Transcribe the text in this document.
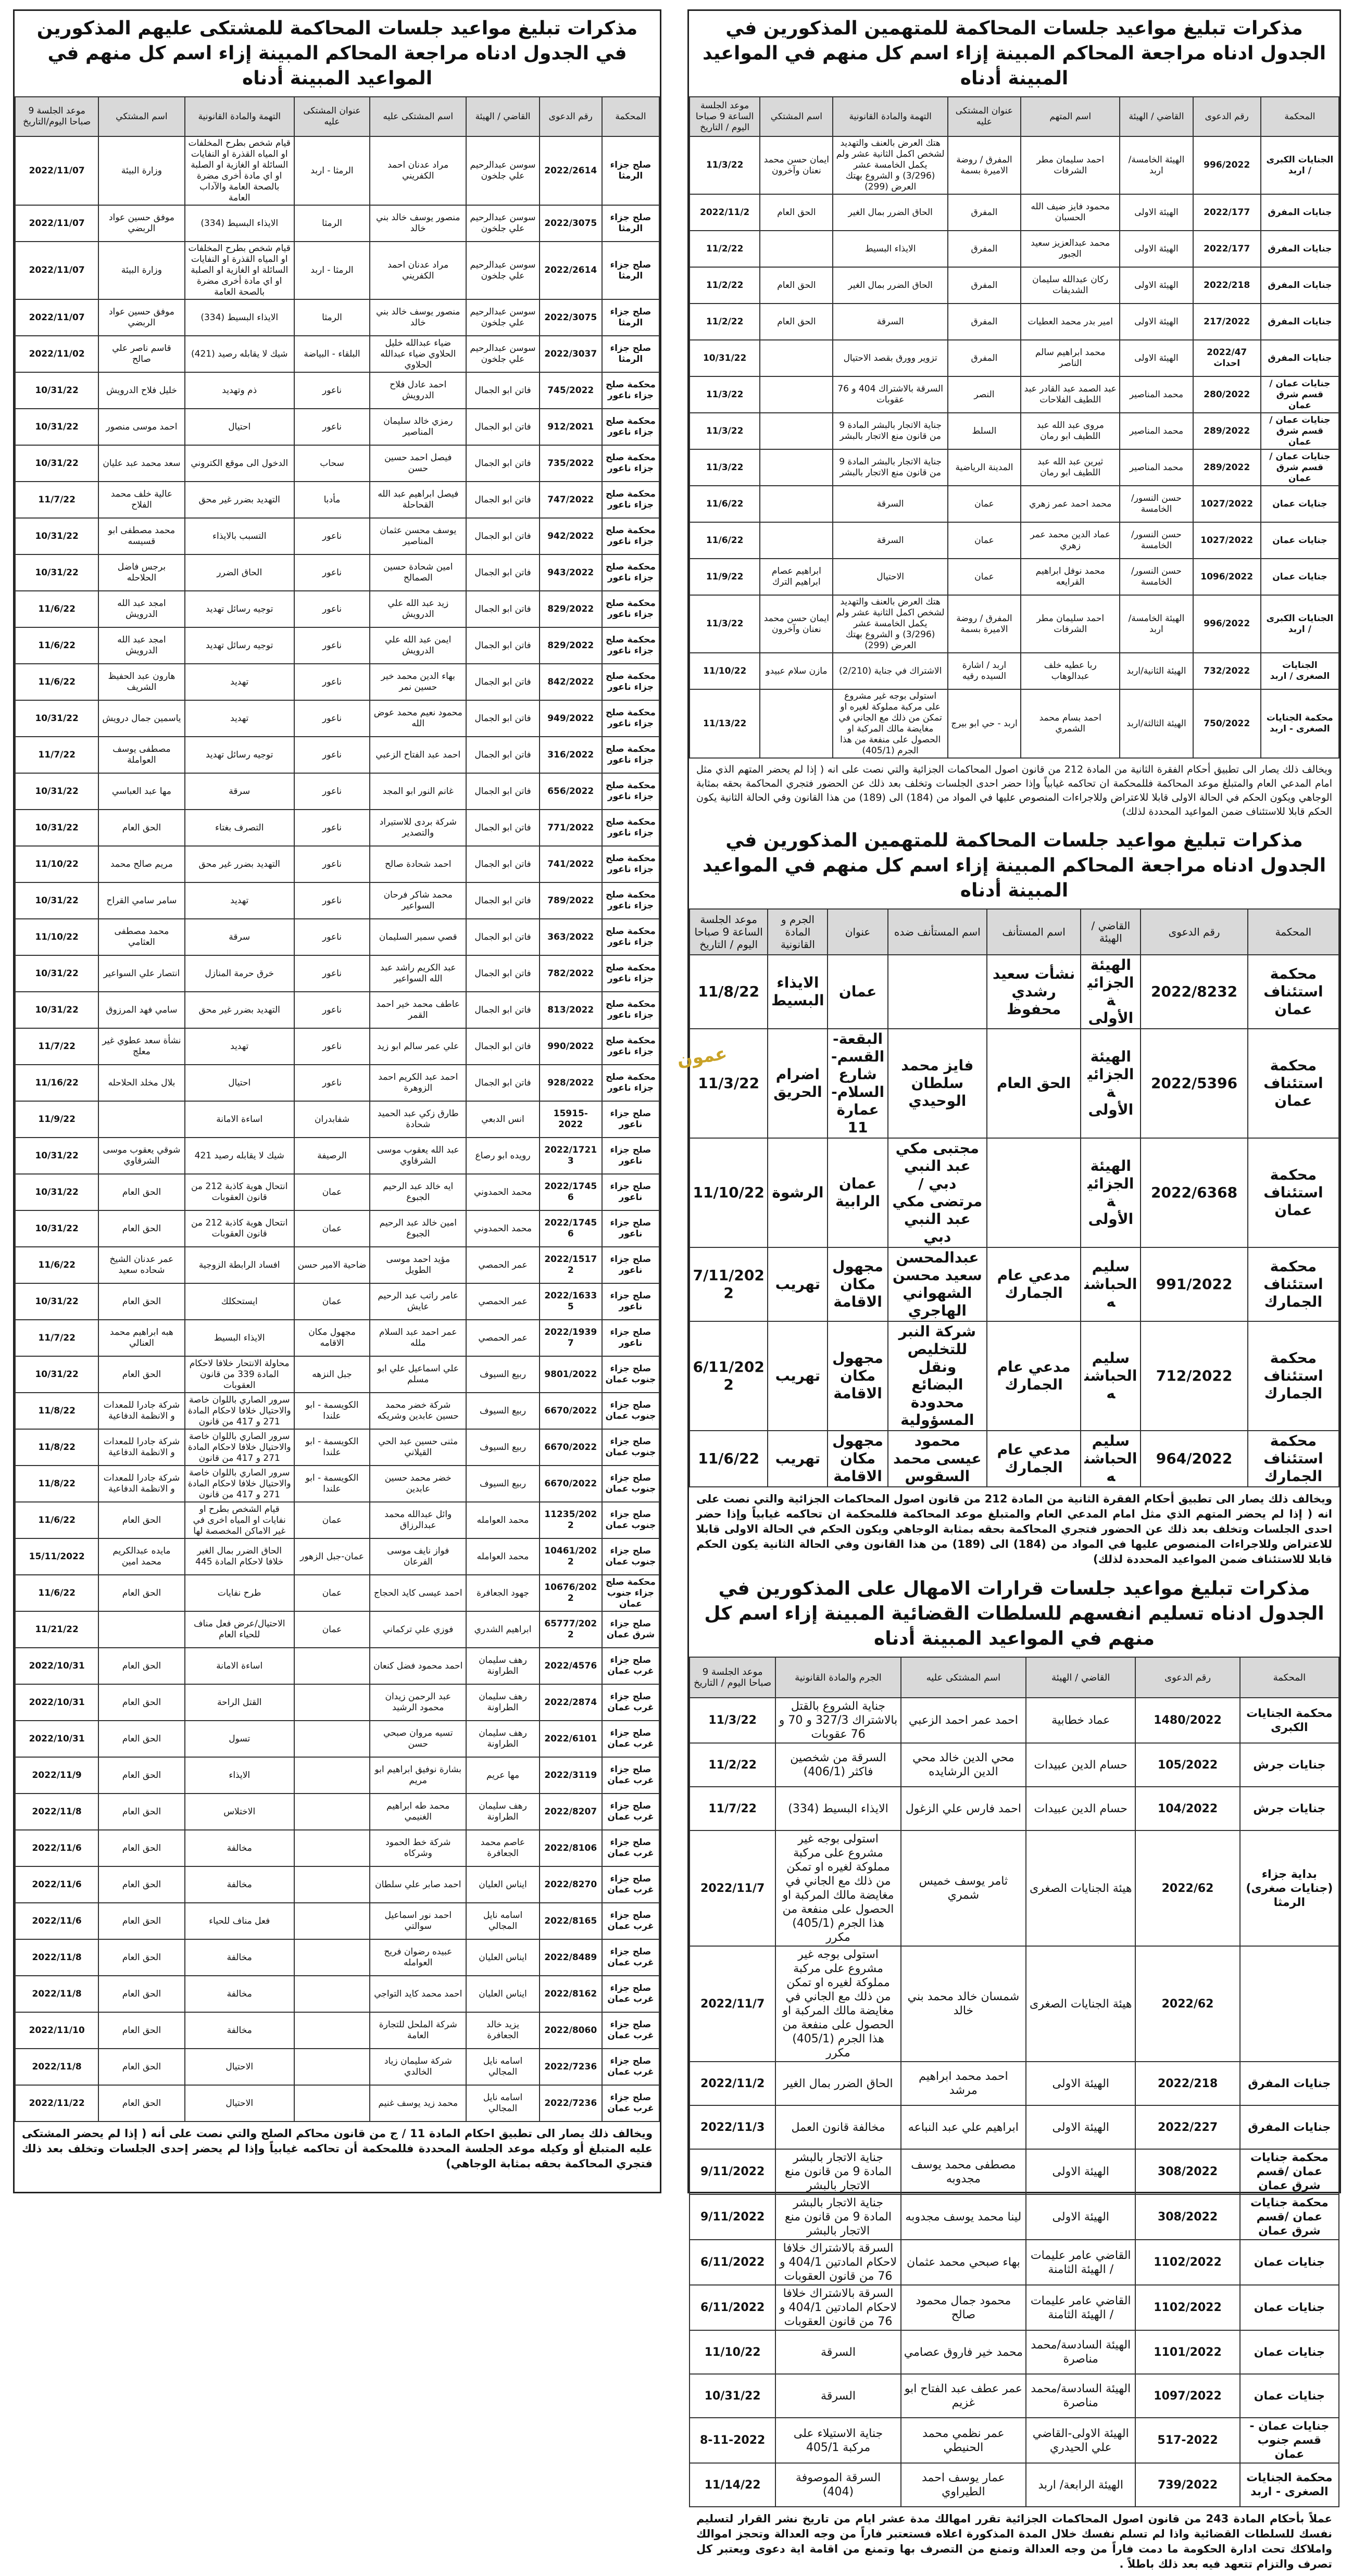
مذكرات تبليغ مواعيد جلسات المحاكمة للمشتكى عليهم المذكورين في الجدول ادناه مراجعة المحاكم المبينة إزاء اسم كل منهم في المواعيد المبينة أدناه
المحكمة	رقم الدعوى	القاضي / الهيئة	اسم المشتكى عليه	عنوان المشتكى عليه	التهمة والمادة القانونية	اسم المشتكي	موعد الجلسة 9 صباحا اليوم/التاريخ
صلح جزاء الرمثا	2022/2614	سوسن عبدالرحيم علي جلخون	مراد عدنان احمد الكفريني	الرمثا - اربد	قيام شخص بطرح المخلفات او المياه القذرة او النفايات السائلة او الغازية او الصلبة او اي مادة أخرى مضرة بالصحة العامة والآداب العامة	وزارة البيئة	2022/11/07
صلح جزاء الرمثا	2022/3075	سوسن عبدالرحيم علي جلخون	منصور يوسف خالد بني خالد	الرمثا	الايذاء البسيط (334)	موفق حسين عواد الربضي	2022/11/07
صلح جزاء الرمثا	2022/2614	سوسن عبدالرحيم علي جلخون	مراد عدنان احمد الكفريني	الرمثا - اربد	قيام شخص بطرح المخلفات او المياه القذرة او النفايات السائلة او الغازية او الصلبة او اي مادة أخرى مضرة بالصحة العامة	وزارة البيئة	2022/11/07
صلح جزاء الرمثا	2022/3075	سوسن عبدالرحيم علي جلخون	منصور يوسف خالد بني خالد	الرمثا	الايذاء البسيط (334)	موفق حسين عواد الربضي	2022/11/07
صلح جزاء الرمثا	2022/3037	سوسن عبدالرحيم علي جلخون	ضياء عبدالله خليل الحلاوي ضياء عبدالله الحلاوي	البلقاء - البياضة	شيك لا يقابله رصيد (421)	قاسم ناصر علي صالح	2022/11/02
محكمة صلح جزاء ناعور	745/2022	فاتن ابو الجمال	احمد عادل فلاح الدرويش	ناعور	ذم وتهديد	خليل فلاح الدرويش	10/31/22
محكمة صلح جزاء ناعور	912/2021	فاتن ابو الجمال	رمزي خالد سليمان المناصير	ناعور	احتيال	احمد موسى منصور	10/31/22
محكمة صلح جزاء ناعور	735/2022	فاتن ابو الجمال	فيصل احمد حسين حسن	سحاب	الدخول الى موقع الكتروني	سعد محمد عبد عليان	10/31/22
محكمة صلح جزاء ناعور	747/2022	فاتن ابو الجمال	فيصل ابراهيم عبد الله القحاحلة	مأدبا	التهديد بضرر غير محق	عالية خلف محمد الفلاح	11/7/22
محكمة صلح جزاء ناعور	942/2022	فاتن ابو الجمال	يوسف محسن عثمان المناصير	ناعور	التسبب بالايذاء	محمد مصطفى ابو قسيسه	10/31/22
محكمة صلح جزاء ناعور	943/2022	فاتن ابو الجمال	امين شحادة حسين الصمالح	ناعور	الحاق الضرر	برجس فاضل الحلاحله	10/31/22
محكمة صلح جزاء ناعور	829/2022	فاتن ابو الجمال	زيد عبد الله علي الدرويش	ناعور	توجيه رسائل تهديد	امجد عبد الله الدرويش	11/6/22
محكمة صلح جزاء ناعور	829/2022	فاتن ابو الجمال	ايمن عبد الله علي الدرويش	ناعور	توجيه رسائل تهديد	امجد عبد الله الدرويش	11/6/22
محكمة صلح جزاء ناعور	842/2022	فاتن ابو الجمال	بهاء الدين محمد خير حسين نمر	ناعور	تهديد	هارون عبد الحفيظ الشريف	11/6/22
محكمة صلح جزاء ناعور	949/2022	فاتن ابو الجمال	محمود نعيم محمد عوض الله	ناعور	تهديد	ياسمين جمال درويش	10/31/22
محكمة صلح جزاء ناعور	316/2022	فاتن ابو الجمال	احمد عبد الفتاح الزعبي	ناعور	توجيه رسائل تهديد	مصطفى يوسف العواملة	11/7/22
محكمة صلح جزاء ناعور	656/2022	فاتن ابو الجمال	غانم النور ابو المجد	ناعور	سرقة	مها عبد العباسي	10/31/22
محكمة صلح جزاء ناعور	771/2022	فاتن ابو الجمال	شركة بردى للاستيراد والتصدير	ناعور	التصرف بغتاء	الحق العام	10/31/22
محكمة صلح جزاء ناعور	741/2022	فاتن ابو الجمال	احمد شحادة صالح	ناعور	التهديد بضرر غير محق	مريم صالح محمد	11/10/22
محكمة صلح جزاء ناعور	789/2022	فاتن ابو الجمال	محمد شاكر فرحان السواعير	ناعور	تهديد	سامر سامي القراح	10/31/22
محكمة صلح جزاء ناعور	363/2022	فاتن ابو الجمال	قصي سمير السليمان	ناعور	سرقة	محمد مصطفى العثامي	11/10/22
محكمة صلح جزاء ناعور	782/2022	فاتن ابو الجمال	عبد الكريم راشد عبد الله السواعير	ناعور	خرق حرمة المنازل	انتصار علي السواعير	10/31/22
محكمة صلح جزاء ناعور	813/2022	فاتن ابو الجمال	عاطف محمد خير احمد القمر	ناعور	التهديد بضرر غير محق	سامي فهد المرزوق	10/31/22
محكمة صلح جزاء ناعور	990/2022	فاتن ابو الجمال	علي عمر سالم ابو زيد	ناعور	تهديد	نشأة سعد عطوي غير معلج	11/7/22
محكمة صلح جزاء ناعور	928/2022	فاتن ابو الجمال	احمد عبد الكريم احمد الزوهرة	ناعور	احتيال	بلال مخلد الحلاحله	11/16/22
صلح جزاء ناعور	15915-2022	انس الدبعي	طارق زكي عبد الحميد شحادة	شفابدران	اساءة الامانة		11/9/22
صلح جزاء ناعور	2022/17213	رويده ابو رصاع	عبد الله يعقوب موسى الشرقاوي	الرصيفة	شيك لا يقابله رصيد 421	شوقي يعقوب موسى الشرقاوي	10/31/22
صلح جزاء ناعور	2022/17456	محمد الحمدوني	ايه خالد عبد الرحيم الجبوع	عمان	انتحال هوية كاذبة 212 من قانون العقوبات	الحق العام	10/31/22
صلح جزاء ناعور	2022/17456	محمد الحمدوني	امين خالد عبد الرحيم الجبوع	عمان	انتحال هوية كاذبة 212 من قانون العقوبات	الحق العام	10/31/22
صلح جزاء ناعور	2022/15172	عمر الحمصي	مؤيد احمد موسى الطويل	ضاحية الامير حسن	افساد الرابطة الزوجية	عمر عدنان الشيخ شحاده سعيد	11/6/22
صلح جزاء ناعور	2022/16335	عمر الحمصي	عامر راتب عبد الرحيم عايش	عمان	ايستحكلك	الحق العام	10/31/22
صلح جزاء ناعور	2022/19397	عمر الحمصي	عمر احمد عبد السلام ملله	مجهول مكان الاقامه	الايذاء البسيط	هبه ابراهيم محمد العنالي	11/7/22
صلح جزاء جنوب عمان	9801/2022	ربيع السيوف	علي اسماعيل علي ابو مسلم	جبل النزهه	محاولة الانتحار خلافا لاحكام المادة 339 من قانون العقوبات	الحق العام	10/31/22
صلح جزاء جنوب عمان	6670/2022	ربيع السيوف	شركة خضر محمد حسين عابدين وشريكه	الكويسمة - ابو علندا	سرور الصاري باللوان خاصة والاحتيال خلافا لاحكام المادة 271 و 417 من قانون	شركة جادرا للمعدات و الانظمة الدفاعية	11/8/22
صلح جزاء جنوب عمان	6670/2022	ربيع السيوف	مثنى حسين عبد الحي القيلاني	الكويسمة - ابو علندا	سرور الصاري باللوان خاصة والاحتيال خلافا لاحكام المادة 271 و 417 من قانون	شركة جادرا للمعدات و الانظمة الدفاعية	11/8/22
صلح جزاء جنوب عمان	6670/2022	ربيع السيوف	خضر محمد حسين عابدين	الكويسمة - ابو علندا	سرور الصاري باللوان خاصة والاحتيال خلافا لاحكام المادة 271 و 417 من قانون	شركة جادرا للمعدات و الانظمة الدفاعية	11/8/22
صلح جزاء جنوب عمان	11235/2022	محمد العوامله	وائل عبدالله محمد عبدالرزاق	عمان	قيام الشخص بطرح او نفايات او المياه اخرى في غير الاماكن المخصصة لها	الحق العام	11/6/22
صلح جزاء جنوب عمان	10461/2022	محمد العوامله	فواز نايف موسى الفرعان	عمان-جبل الزهور	الحاق الضرر بمال الغير خلافا لاحكام المادة 445	مايده عبدالكريم محمد امين	15/11/2022
محكمة صلح جزاء جنوب عمان	10676/2022	جهود الجعافرة	احمد عيسى كايد الحجاج	عمان	طرح نفايات	الحق العام	11/6/22
صلح جزاء شرق عمان	65777/2022	ابراهيم الشدري	فوزي علي تركماني	عمان	الاحتيال/عرض فعل مناف للحياء العام		11/21/22
صلح جزاء غرب عمان	2022/4576	رهف سليمان الطراونة	احمد محمود فضل كنعان		اساءة الامانة	الحق العام	2022/10/31
صلح جزاء غرب عمان	2022/2874	رهف سليمان الطراونة	عبد الرحمن زيدان محمود الرشيد		القتل الراحة	الحق العام	2022/10/31
صلح جزاء غرب عمان	2022/6101	رهف سليمان الطراونة	تسيه مروان صبحي حسن		تسول	الحق العام	2022/10/31
صلح جزاء غرب عمان	2022/3119	مها عريم	بشارة نوفيق ابراهيم ابو مريم		الايذاء	الحق العام	2022/11/9
صلح جزاء غرب عمان	2022/8207	رهف سليمان الطراونة	محمد طه ابراهيم الغنيمي		الاختلاس	الحق العام	2022/11/8
صلح جزاء غرب عمان	2022/8106	عاصم محمد الجعافرة	شركة خط الحمود وشركاه		مخالفة	الحق العام	2022/11/6
صلح جزاء غرب عمان	2022/8270	ايناس العليان	احمد صابر علي سلطان		مخالفة	الحق العام	2022/11/6
صلح جزاء غرب عمان	2022/8165	اسامه نايل المجالي	احمد نور اسماعيل سوالتي		فعل مناف للحياء	الحق العام	2022/11/6
صلح جزاء غرب عمان	2022/8489	ايناس العليان	عبيده رضوان فريح العوامله		مخالفة	الحق العام	2022/11/8
صلح جزاء غرب عمان	2022/8162	ايناس العليان	احمد محمد كايد التواجي		مخالفة	الحق العام	2022/11/8
صلح جزاء غرب عمان	2022/8060	يزيد خالد الجعافرة	شركة الملحل للتجارة العامة		مخالفة	الحق العام	2022/11/10
صلح جزاء غرب عمان	2022/7236	اسامه نايل المجالي	شركة سليمان زياد الخالدي		الاحتيال	الحق العام	2022/11/8
صلح جزاء غرب عمان	2022/7236	اسامه نايل المجالي	محمد زيد يوسف غنيم		الاحتيال	الحق العام	2022/11/22
ويخالف ذلك يصار الى تطبيق احكام المادة 11 / ج من قانون محاكم الصلح والتي نصت على أنه ( إذا لم يحضر المشتكى عليه المتبلغ أو وكيله موعد الجلسة المحددة فللمحكمة أن تحاكمه غيابياً وإذا لم يحضر إحدى الجلسات وتخلف بعد ذلك فتجري المحاكمة بحقه بمثابة الوجاهي)
مذكرات تبليغ مواعيد جلسات المحاكمة للمتهمين المذكورين في الجدول ادناه مراجعة المحاكم المبينة إزاء اسم كل منهم في المواعيد المبينة أدناه
المحكمة	رقم الدعوى	القاضي / الهيئة	اسم المتهم	عنوان المشتكى عليه	التهمة والمادة القانونية	اسم المشتكي	موعد الجلسة الساعة 9 صباحا اليوم / التاريخ
الجنايات الكبرى / اربد	996/2022	الهيئة الخامسة/اربد	احمد سليمان مطر الشرفات	المفرق / روضة الاميرة بسمة	هتك العرض بالعنف والتهديد لشخص اكمل الثانية عشر ولم يكمل الخامسة عشر (3/296) و الشروع بهتك العرض (299)	ايمان حسن محمد نعنان وآخرون	11/3/22
جنايات المفرق	2022/177	الهيئة الاولى	محمود فايز ضيف الله الحسبان	المفرق	الحاق الضرر بمال الغير	الحق العام	2022/11/2
جنايات المفرق	2022/177	الهيئة الاولى	محمد عبدالعزيز سعيد الجبور	المفرق	الايذاء البسيط		11/2/22
جنايات المفرق	2022/218	الهيئة الاولى	ركان عبدالله سليمان الشديفات	المفرق	الحاق الضرر بمال الغير	الحق العام	11/2/22
جنايات المفرق	217/2022	الهيئة الاولى	امير بدر محمد العطيات	المفرق	السرقة	الحق العام	11/2/22
جنايات المفرق	2022/47 احداث	الهيئة الاولى	محمد ابراهيم سالم الناصر	المفرق	تزوير وورق بقصد الاحتيال		10/31/22
جنايات عمان /قسم شرق عمان	280/2022	محمد المناصير	عبد الصمد عبد القادر عبد اللطيف الفلاحات	النصر	السرقة بالاشتراك 404 و 76 عقوبات		11/3/22
جنايات عمان /قسم شرق عمان	289/2022	محمد المناصير	مروى عبد الله عبد اللطيف ابو رمان	السلط	جناية الاتجار بالبشر المادة 9 من قانون منع الاتجار بالبشر		11/3/22
جنايات عمان /قسم شرق عمان	289/2022	محمد المناصير	ثيرين عبد الله عبد اللطيف ابو رمان	المدينة الرياضية	جناية الاتجار بالبشر المادة 9 من قانون منع الاتجار بالبشر		11/3/22
جنايات عمان	1027/2022	حسن النسور/ الخامسة	محمد احمد عمر زهري	عمان	السرقة		11/6/22
جنايات عمان	1027/2022	حسن النسور/ الخامسة	عماد الدين محمد عمر زهري	عمان	السرقة		11/6/22
جنايات عمان	1096/2022	حسن النسور/ الخامسة	محمد نوفل ابراهيم القرايعه	عمان	الاحتيال	ابراهيم عصام ابراهيم الترك	11/9/22
الجنايات الكبرى / اربد	996/2022	الهيئة الخامسة/اربد	احمد سليمان مطر الشرفات	المفرق / روضة الاميرة بسمة	هتك العرض بالعنف والتهديد لشخص اكمل الثانية عشر ولم يكمل الخامسة عشر (3/296) و الشروع بهتك العرض (299)	ايمان حسن محمد نعنان وآخرون	11/3/22
الجنايات الصغرى / اربد	732/2022	الهيئة الثانية/اربد	ربا عطيه خلف عبدالوهاب	اربد / اشارة السيده رقيه	الاشتراك في جناية (2/210)	مازن سلام عبيدو	11/10/22
محكمة الجنايات الصغرى - اربد	750/2022	الهيئة الثالثة/اربد	احمد بسام محمد الشمري	اربد - حي ابو بيرج	استولى بوجه غير مشروع على مركبة مملوكة لغيره او تمكن من ذلك مع الجاني في مغايضة مالك المركبة او الحصول على منفعة من هذا الجرم (405/1)		11/13/22
ويخالف ذلك يصار الى تطبيق أحكام الفقرة الثانية من المادة 212 من قانون اصول المحاكمات الجزائية والتي نصت على انه ( إذا لم يحضر المتهم الذي مثل امام المدعي العام والمتبلغ موعد المحاكمة فللمحكمة ان تحاكمه غيابياً وإذا حضر احدى الجلسات وتخلف بعد ذلك عن الحضور فتجري المحاكمة بحقه بمثابة الوجاهي ويكون الحكم في الحالة الاولى قابلا للاعتراض وللاجراءات المنصوص عليها في المواد من (184) الى (189) من هذا القانون وفي الحالة الثانية يكون الحكم قابلا للاستئناف ضمن المواعيد المحددة لذلك)
مذكرات تبليغ مواعيد جلسات المحاكمة للمتهمين المذكورين في الجدول ادناه مراجعة المحاكم المبينة إزاء اسم كل منهم في المواعيد المبينة أدناه
المحكمة	رقم الدعوى	القاضي / الهيئة	اسم المستأنف	اسم المستأنف ضده	عنوان	الجرم و المادة القانونية	موعد الجلسة الساعة 9 صباحا اليوم / التاريخ
محكمة استئناف عمان	2022/8232	الهيئة الجزائية الأولى	نشأت سعيد رشدي محفوظ		عمان	الايذاء البسيط	11/8/22
محكمة استئناف عمان	2022/5396	الهيئة الجزائية الأولى	الحق العام	فايز محمد سلطان الوحيدي	البقعة- القسم- شارع السلام- عمارة 11	اضرام الحريق	11/3/22
محكمة استئناف عمان	2022/6368	الهيئة الجزائية الأولى		مجتبى مكي عبد النبي دبي / مرتضى مكي عبد النبي دبي	عمان الرابية	الرشوة	11/10/22
محكمة استئناف الجمارك	991/2022	سليم الحباشنه	مدعي عام الجمارك	عبدالمحسن سعيد محسن الشهواني الهاجري	مجهول مكان الاقامة	تهريب	7/11/2022
محكمة استئناف الجمارك	712/2022	سليم الحباشنه	مدعي عام الجمارك	شركة النبر للتخليص ونقل البضائع محدودة المسؤولية	مجهول مكان الاقامة	تهريب	6/11/2022
محكمة استئناف الجمارك	964/2022	سليم الحباشنه	مدعي عام الجمارك	محمود عيسى محمد السقوس	مجهول مكان الاقامة	تهريب	11/6/22
ويخالف ذلك يصار الى تطبيق أحكام الفقرة الثانية من المادة 212 من قانون اصول المحاكمات الجزائية والتي نصت على انه ( إذا لم يحضر المتهم الذي مثل امام المدعي العام والمتبلغ موعد المحاكمة فللمحكمة ان تحاكمه غيابياً وإذا حضر احدى الجلسات وتخلف بعد ذلك عن الحضور فتجري المحاكمة بحقه بمثابة الوجاهي ويكون الحكم في الحالة الاولى قابلا للاعتراض وللاجراءات المنصوص عليها في المواد من (184) الى (189) من هذا القانون وفي الحالة الثانية يكون الحكم قابلا للاستئناف ضمن المواعيد المحددة لذلك)
مذكرات تبليغ مواعيد جلسات قرارات الامهال على المذكورين في الجدول ادناه تسليم انفسهم للسلطات القضائية المبينة إزاء اسم كل منهم في المواعيد المبينة أدناه
المحكمة	رقم الدعوى	القاضي / الهيئة	اسم المشتكى عليه	الجرم والمادة القانونية	موعد الجلسة 9 صباحا اليوم / التاريخ
محكمة الجنايات الكبرى	1480/2022	عماد خطابية	احمد عمر احمد الزعبي	جناية الشروع بالقتل بالاشتراك 327/3 و 70 و 76 عقوبات	11/3/22
جنايات جرش	105/2022	حسام الدين عبيدات	محي الدين خالد محي الدين الرشايده	السرقة من شخصين فاكثر (406/1)	11/2/22
جنايات جرش	104/2022	حسام الدين عبيدات	احمد فارس علي الزغول	الايذاء البسيط (334)	11/7/22
بداية جزاء (جنايات صغرى) الرمثا	2022/62	هيئة الجنايات الصغرى	ثامر يوسف خميس شمري	استولى بوجه غير مشروع على مركبة مملوكة لغيره او تمكن من ذلك مع الجاني في مغايضة مالك المركبة او الحصول على منفعة من هذا الجرم (405/1) مكرر	2022/11/7
	2022/62	هيئة الجنايات الصغرى	شمسان خالد محمد بني خالد	استولى بوجه غير مشروع على مركبة مملوكة لغيره او تمكن من ذلك مع الجاني في مغايضة مالك المركبة او الحصول على منفعة من هذا الجرم (405/1) مكرر	2022/11/7
جنايات المفرق	2022/218	الهيئة الاولى	احمد محمد ابراهيم مرشد	الحاق الضرر بمال الغير	2022/11/2
جنايات المفرق	2022/227	الهيئة الاولى	ابراهيم علي عبد النباعه	مخالفة قانون العمل	2022/11/3
محكمة جنايات عمان /قسم شرق عمان	308/2022	الهيئة الاولى	مصطفى محمد يوسف مجدوبه	جناية الاتجار بالبشر المادة 9 من قانون منع الاتجار بالبشر	9/11/2022
محكمة جنايات عمان /قسم شرق عمان	308/2022	الهيئة الاولى	لينا محمد يوسف مجدوبه	جناية الاتجار بالبشر المادة 9 من قانون منع الاتجار بالبشر	9/11/2022
جنايات عمان	1102/2022	القاضي عامر عليمات / الهيئة الثامنة	بهاء صبحي محمد عثمان	السرقة بالاشتراك خلافا لاحكام المادتين 404/1 و 76 من قانون العقوبات	6/11/2022
جنايات عمان	1102/2022	القاضي عامر عليمات / الهيئة الثامنة	محمود جمال محمود صالح	السرقة بالاشتراك خلافا لاحكام المادتين 404/1 و 76 من قانون العقوبات	6/11/2022
جنايات عمان	1101/2022	الهيئة السادسة/محمد مناصرة	محمد خير فاروق عصامي	السرقة	11/10/22
جنايات عمان	1097/2022	الهيئة السادسة/محمد مناصرة	عمر عطف عبد الفتاح ابو غزيم	السرقة	10/31/22
جنايات عمان - قسم جنوب عمان	517-2022	الهيئة الاولى-القاضي علي الحيدري	عمر نظمي محمد الحنيطي	جناية الاستيلاء على مركبة 405/1	8-11-2022
محكمة الجنايات الصغرى - اربد	739/2022	الهيئة الرابعة/ اربد	عمار يوسف احمد الطيراوي	السرقة الموصوفة (404)	11/14/22
عملاً بأحكام المادة 243 من قانون اصول المحاكمات الجزائية تقرر امهالك مدة عشر ايام من تاريخ نشر القرار لتسليم نفسك للسلطات القضائية واذا لم تسلم نفسك خلال المدة المذكورة اعلاه فستعتبر فاراً من وجه العدالة وتحجز اموالك واملاكك تحت ادارة الحكومة ما دمت فاراً من وجه العدالة وتمنع من التصرف بها وتمنع من اقامة اية دعوى ويعتبر كل تصرف والتزام تتعهد فيه بعد ذلك باطلاً .
عمون
